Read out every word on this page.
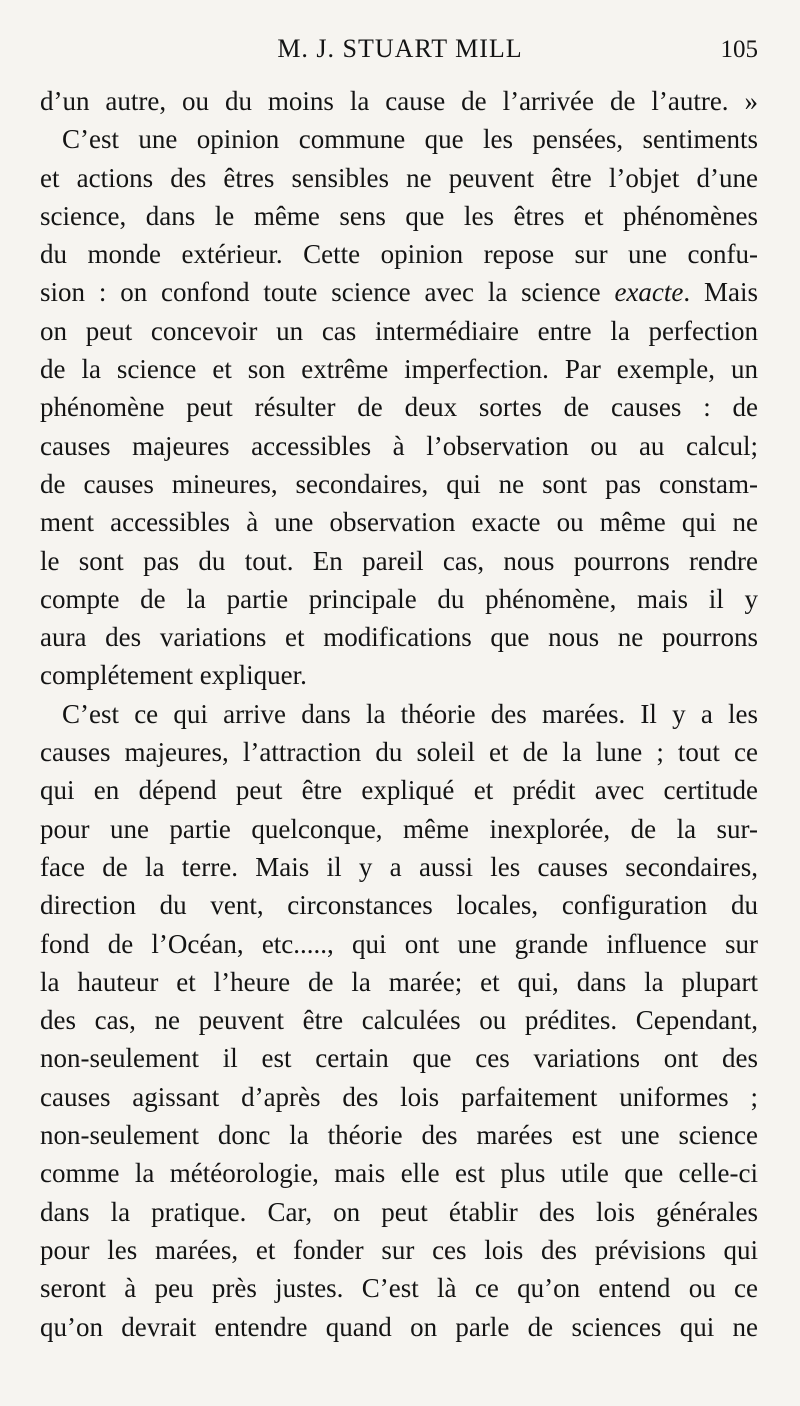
M. J. STUART MILL	105
d’un autre, ou du moins la cause de l’arrivée de l’autre. »
C’est une opinion commune que les pensées, sentiments
et actions des êtres sensibles ne peuvent être l’objet d’une
science, dans le même sens que les êtres et phénomènes
du monde extérieur. Cette opinion repose sur une confu-
sion : on confond toute science avec la science exacte. Mais
on peut concevoir un cas intermédiaire entre la perfection
de la science et son extrême imperfection. Par exemple, un
phénomène peut résulter de deux sortes de causes : de
causes majeures accessibles à l’observation ou au calcul;
de causes mineures, secondaires, qui ne sont pas constam-
ment accessibles à une observation exacte ou même qui ne
le sont pas du tout. En pareil cas, nous pourrons rendre
compte de la partie principale du phénomène, mais il y
aura des variations et modifications que nous ne pourrons
complétement expliquer.
C’est ce qui arrive dans la théorie des marées. Il y a les
causes majeures, l’attraction du soleil et de la lune ; tout ce
qui en dépend peut être expliqué et prédit avec certitude
pour une partie quelconque, même inexplorée, de la sur-
face de la terre. Mais il y a aussi les causes secondaires,
direction du vent, circonstances locales, configuration du
fond de l’Océan, etc....., qui ont une grande influence sur
la hauteur et l’heure de la marée; et qui, dans la plupart
des cas, ne peuvent être calculées ou prédites. Cependant,
non-seulement il est certain que ces variations ont des
causes agissant d’après des lois parfaitement uniformes ;
non-seulement donc la théorie des marées est une science
comme la météorologie, mais elle est plus utile que celle-ci
dans la pratique. Car, on peut établir des lois générales
pour les marées, et fonder sur ces lois des prévisions qui
seront à peu près justes. C’est là ce qu’on entend ou ce
qu’on devrait entendre quand on parle de sciences qui ne
